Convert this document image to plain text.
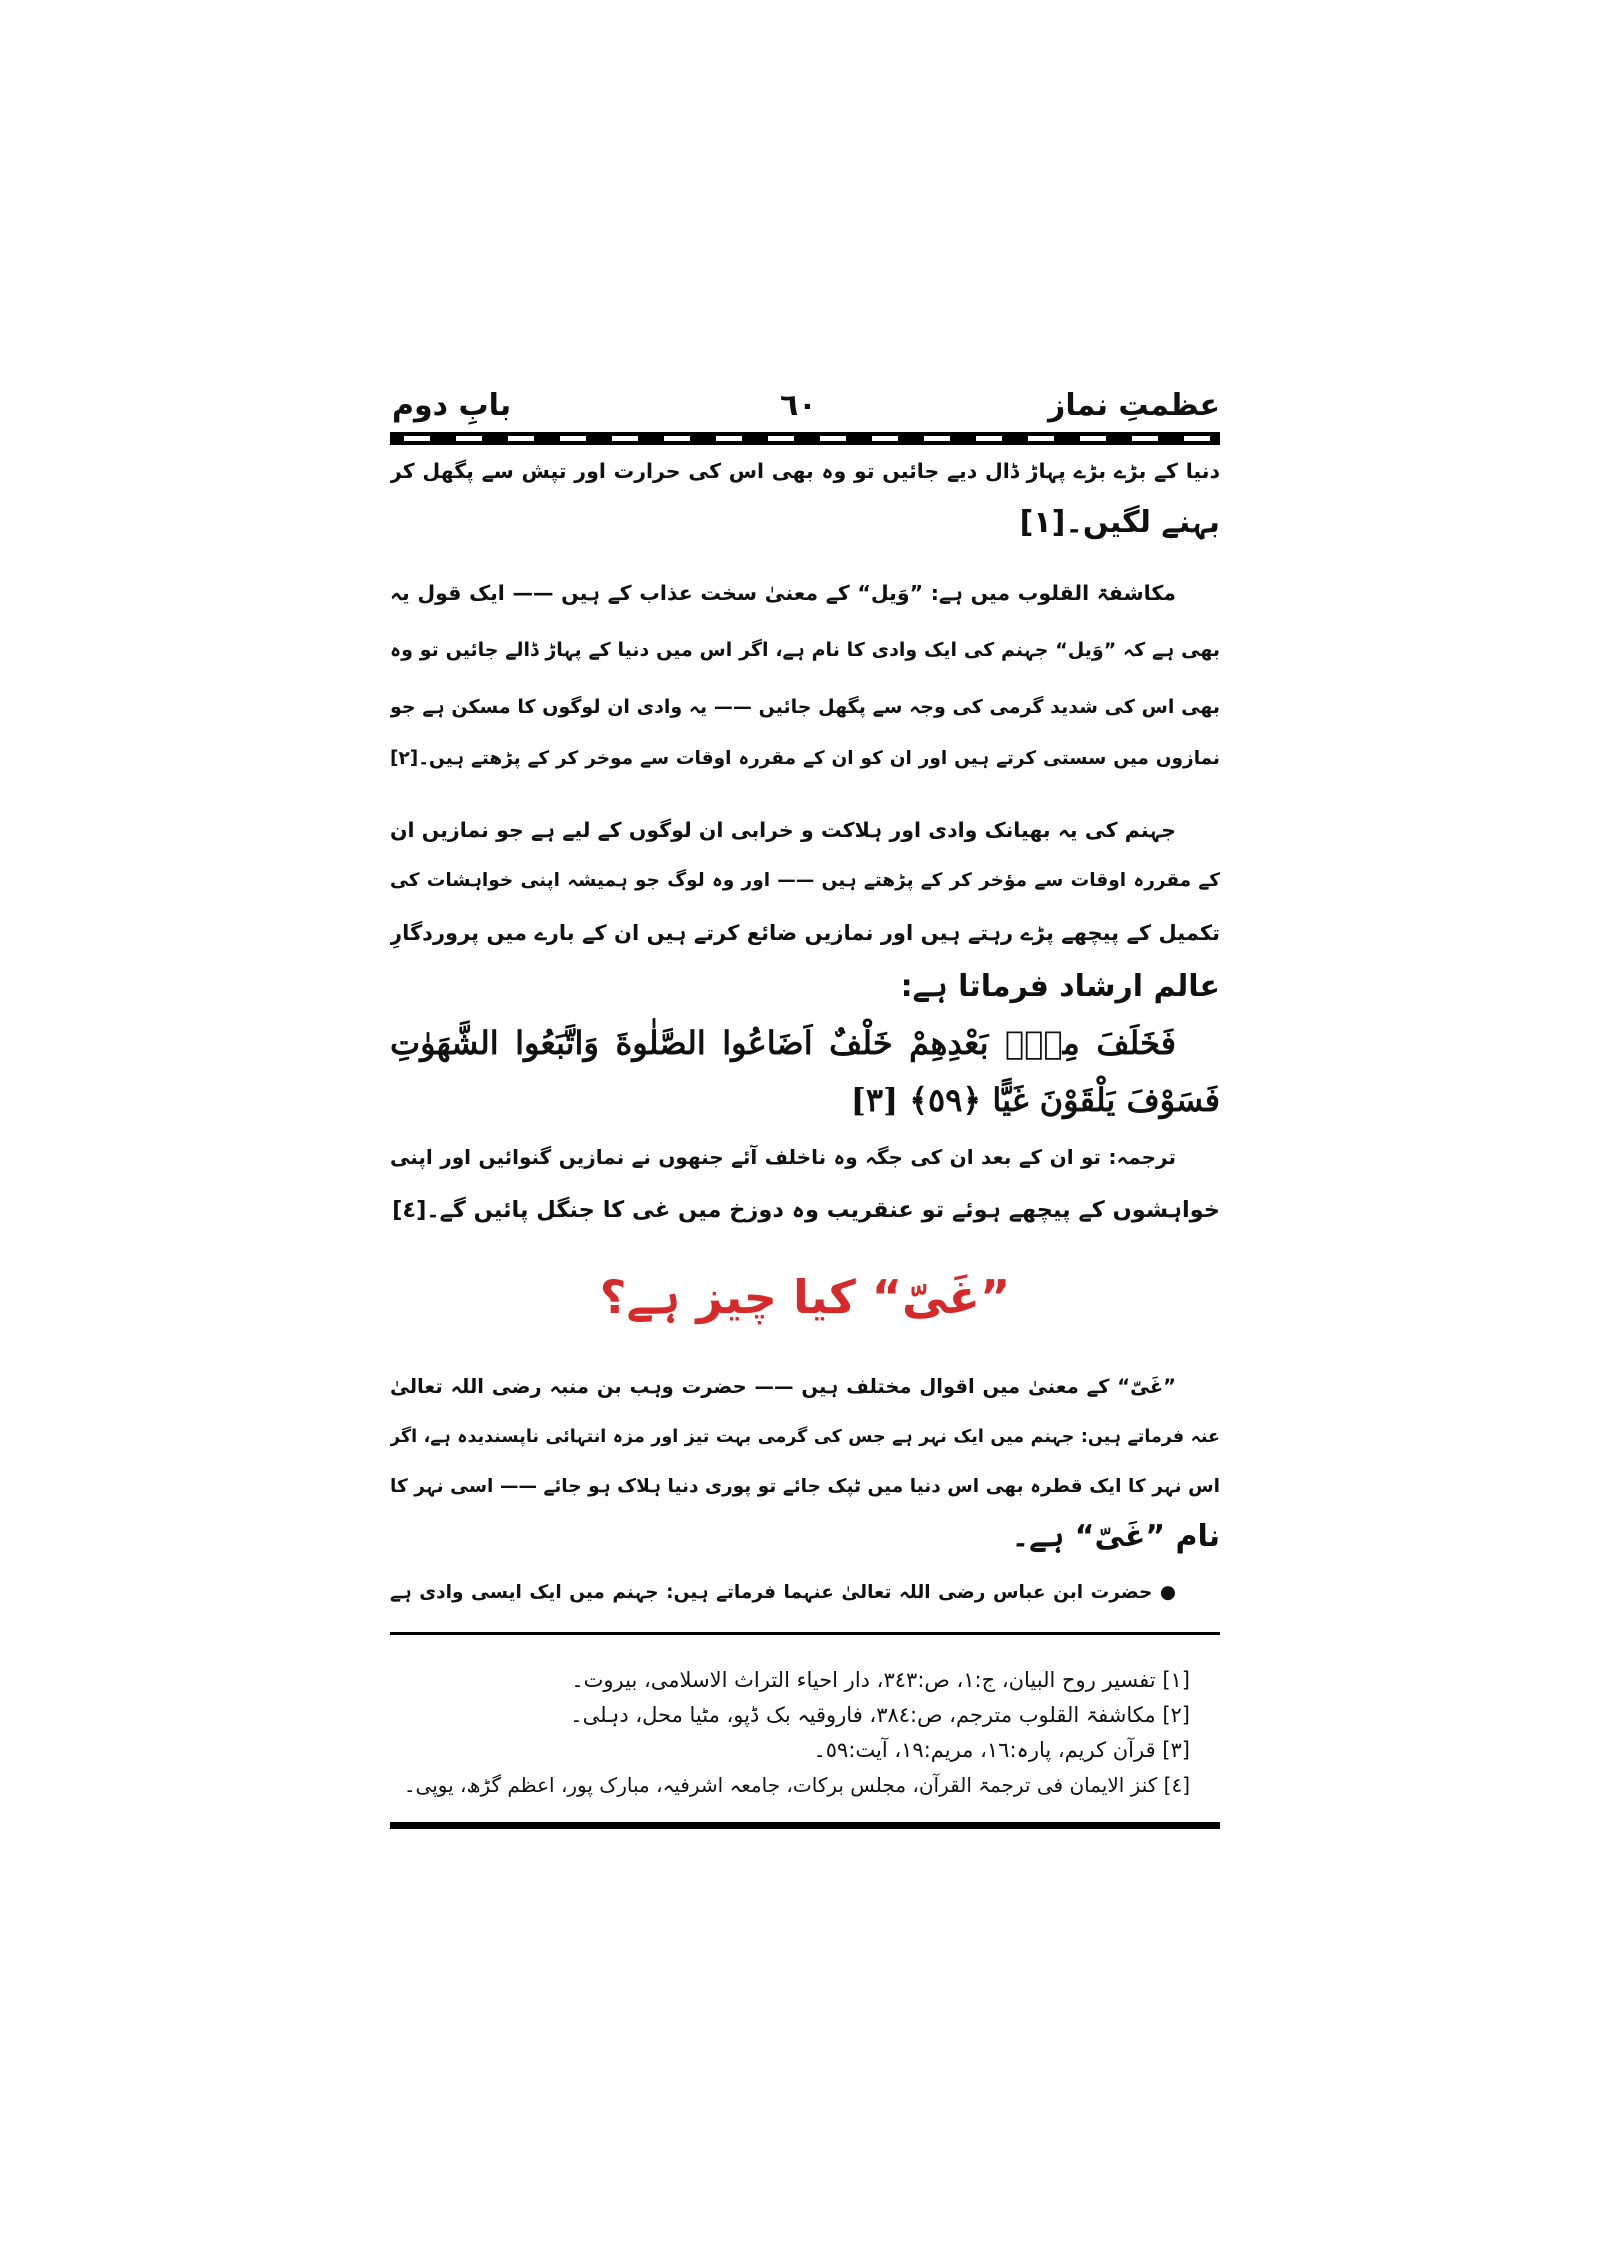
عظمتِ نماز
٦٠
بابِ دوم
دنیا کے بڑے بڑے پہاڑ ڈال دیے جائیں تو وہ بھی اس کی حرارت اور تپش سے پگھل کر
بہنے لگیں۔[١]
مکاشفۃ القلوب میں ہے: ”وَیل“ کے معنیٰ سخت عذاب کے ہیں —— ایک قول یہ
بھی ہے کہ ”وَیل“ جہنم کی ایک وادی کا نام ہے، اگر اس میں دنیا کے پہاڑ ڈالے جائیں تو وہ
بھی اس کی شدید گرمی کی وجہ سے پگھل جائیں —— یہ وادی ان لوگوں کا مسکن ہے جو
نمازوں میں سستی کرتے ہیں اور ان کو ان کے مقررہ اوقات سے موخر کر کے پڑھتے ہیں۔[٢]
جہنم کی یہ بھیانک وادی اور ہلاکت و خرابی ان لوگوں کے لیے ہے جو نمازیں ان
کے مقررہ اوقات سے مؤخر کر کے پڑھتے ہیں —— اور وہ لوگ جو ہمیشہ اپنی خواہشات کی
تکمیل کے پیچھے پڑے رہتے ہیں اور نمازیں ضائع کرتے ہیں ان کے بارے میں پروردگارِ
عالم ارشاد فرماتا ہے:
فَخَلَفَ مِنْۢ بَعْدِهِمْ خَلْفٌ اَضَاعُوا الصَّلٰوةَ وَاتَّبَعُوا الشَّهَوٰتِ
فَسَوْفَ يَلْقَوْنَ غَيًّا ﴿٥٩﴾ [٣]
ترجمہ: تو ان کے بعد ان کی جگہ وہ ناخلف آئے جنھوں نے نمازیں گنوائیں اور اپنی
خواہشوں کے پیچھے ہوئے تو عنقریب وہ دوزخ میں غی کا جنگل پائیں گے۔[٤]
”غَیّ“ کیا چیز ہے؟
”غَیّ“ کے معنیٰ میں اقوال مختلف ہیں —— حضرت وہب بن منبہ رضی اللہ تعالیٰ
عنہ فرماتے ہیں: جہنم میں ایک نہر ہے جس کی گرمی بہت تیز اور مزہ انتہائی ناپسندیدہ ہے، اگر
اس نہر کا ایک قطرہ بھی اس دنیا میں ٹپک جائے تو پوری دنیا ہلاک ہو جائے —— اسی نہر کا
نام ”غَیّ“ ہے۔
● حضرت ابن عباس رضی اللہ تعالیٰ عنہما فرماتے ہیں: جہنم میں ایک ایسی وادی ہے
[١] تفسیر روح البیان، ج:١، ص:٣٤٣، دار احیاء التراث الاسلامی، بیروت۔
[٢] مکاشفۃ القلوب مترجم، ص:٣٨٤، فاروقیہ بک ڈپو، مٹیا محل، دہلی۔
[٣] قرآن کریم، پارہ:١٦، مریم:١٩، آیت:٥٩۔
[٤] کنز الایمان فی ترجمۃ القرآن، مجلس برکات، جامعہ اشرفیہ، مبارک پور، اعظم گڑھ، یوپی۔
